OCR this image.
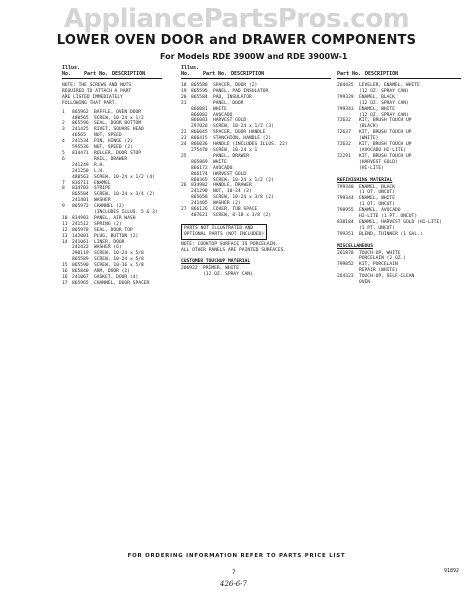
AppliancePartsPros.com
LOWER OVEN DOOR and DRAWER COMPONENTS
For Models RDE 3900W and RDE 3900W-1
Illus. No.	Part No. DESCRIPTION
NOTE: THE SCREWS AND NUTS
REQUIRED TO ATTACH A PART
ARE LISTED IMMEDIATELY
FOLLOWING THAT PART.
1	865962	BAFFLE, OVEN DOOR
480565	SCREW, 10-24 x 1/2
2	865596	SEAL, DOOR BOTTOM
3	241425	RIVET, SQUARE HEAD
46565	NUT, SPEED
4	241534	PIN, HINGE (2)
595536	NUT, SPEED (2)
5	834471	ROLLER, DOOR STOP
6	RAIL, DRAWER
241249	R.H.
241250	L.H.
480563	SCREW, 10-24 x 1/2 (4)
7	836711	ENAMEL
8	834703	STRIPE
865584	SCREW, 10-24 x 3/4 (2)
241401	WASHER
9	865972	CHANNEL (2)
(INCLUDES ILLUS. 5 & 3)
10 834903	PANEL, AIR WASH
11 241512	SPRING (2)
12 865978	SEAL, DOOR TOP
13 142001	PLUG, BUTTON (2)
14 241061	LINER, DOOR
241422	WASHER (6)
290119	SCREW, 10-24 x 5/8
865589	SCREW, 10-24 x 5/8
15 865590	SCREW, 10-16 x 5/8
16 865840	ARM, DOOR (2)
16 241067	GASKET, DOOR (4)
17 865965	CHANNEL, DOOR SPACER
Illus. No.	Part No. DESCRIPTION
18 865588	SPACER, DOOR (2)
19 865595	PANEL, PAD INSULATOR
20 865584	PAD, INSULATOR
21	PANEL, DOOR
866081	WHITE
866082	AVOCADO
866083	HARVEST GOLD
297026	SCREW, 10-24 x 1/2 (3)
22 866045	SPACER, DOOR HANDLE
23 866415	STANCHION, HANDLE (2)
24 866036	HANDLE (INCLUDES ILLUS. 22)
275470	SCREW, 10-24 x 1
25	PANEL, DRAWER
865869	WHITE
866172	AVOCADO
866174	HARVEST GOLD
860365	SCREW, 10-24 x 1/2 (2)
26 834982	HANDLE, DRAWER
241290	NUT, 10-24 (2)
865658	SCREW, 10-24 x 3/8 (2)
241405	WASHER (2)
27 866126	COVER, TUB SPACE
407621	SCREW, 8-18 x 3/8 (2)
PARTS NOT ILLUSTRATED AND
OPTIONAL PARTS (NOT INCLUDED)
NOTE: COOKTOP SURFACE IS PORCELAIN.
ALL OTHER PANELS ARE PAINTED SURFACES.
CUSTOMER TOUCHUP MATERIAL
206922	PRIMER, WHITE
(12 OZ. SPRAY CAN)
Part No. DESCRIPTION
264425	LEVELER, ENAMEL, WHITE
(12 OZ. SPRAY CAN)
799329	ENAMEL, BLACK
(12 OZ. SPRAY CAN)
799343	ENAMEL, WHITE
(12 OZ. SPRAY CAN)
72632	KIT, BRUSH TOUCH UP
(BLACK)
72637	KIT, BRUSH TOUCH UP
(WHITE)
72632	KIT, BRUSH TOUCH UP
(AVOCADO HI-LITE)
72291	KIT, BRUSH TOUCH UP
(HARVEST GOLD)
(HI-LITE)
REFINISHING MATERIAL
799340	ENAMEL, BLACK
(1 QT. UNCUT)
799344	ENAMEL, WHITE
(1 QT. UNCUT)
798955	ENAMEL, AVOCADO
HI-LITE (1 PT. UNCUT)
830184	ENAMEL, HARVEST GOLD (HI-LITE)
(1 PT. UNCUT)
799351	BLEND, THINNER (1 GAL.)
MISCELLANEOUS
261878	TOUCH-UP, WHITE
PORCELAIN (2 OZ.)
799852	KIT, PORCELAIN
REPAIR (WHITE)
264323	TOUCH-UP, SELF-CLEAN
OVEN
FOR ORDERING INFORMATION REFER TO PARTS PRICE LIST
7
426-6-7
91892
